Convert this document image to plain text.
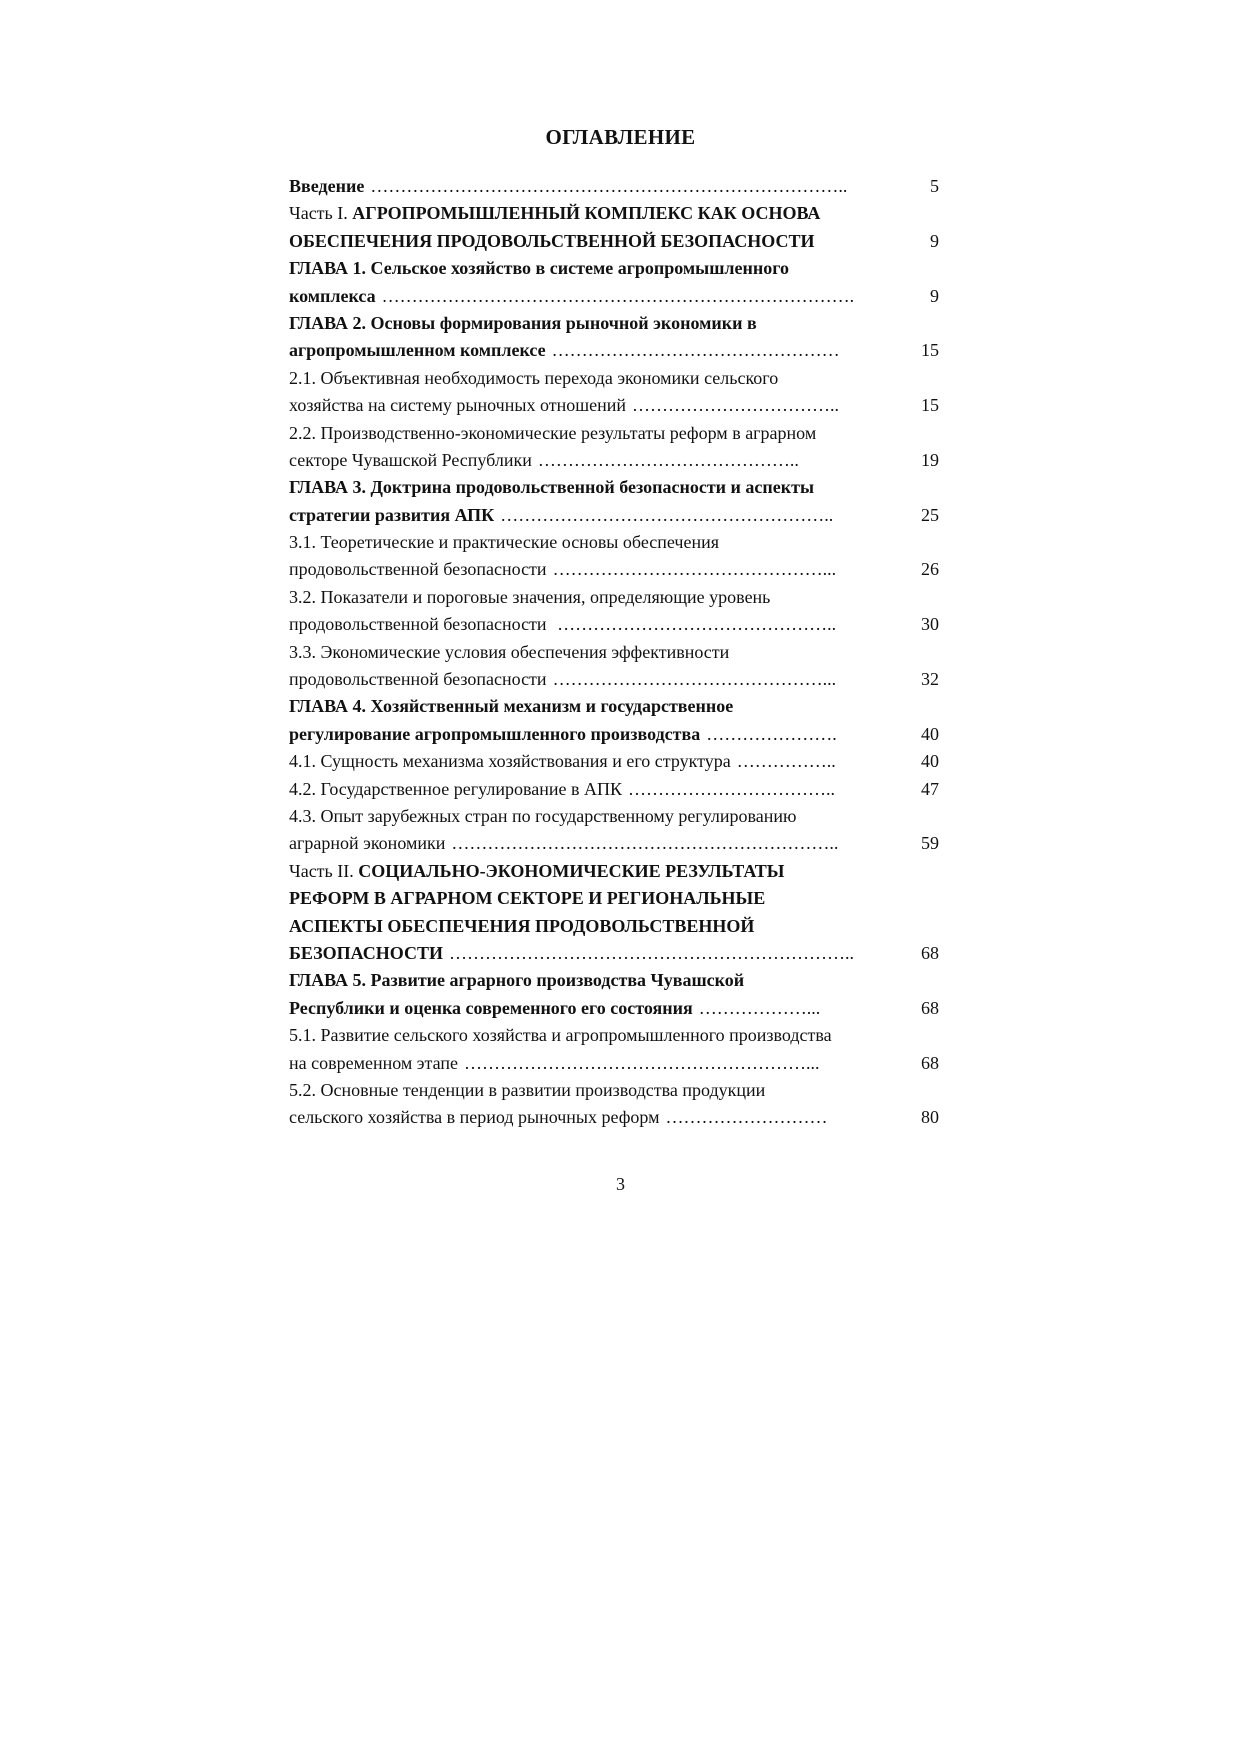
ОГЛАВЛЕНИЕ
Введение ……………………………………………………………………..	5
Часть I. АГРОПРОМЫШЛЕННЫЙ КОМПЛЕКС КАК ОСНОВА
ОБЕСПЕЧЕНИЯ ПРОДОВОЛЬСТВЕННОЙ БЕЗОПАСНОСТИ	9
ГЛАВА 1. Сельское хозяйство в системе агропромышленного
комплекса …………………………………………………………………….	9
ГЛАВА 2. Основы формирования рыночной экономики в
агропромышленном комплексе …………………………………………	15
2.1. Объективная необходимость перехода экономики сельского
хозяйства на систему рыночных отношений ……………………………..	15
2.2. Производственно-экономические результаты реформ в аграрном
секторе Чувашской Республики ……………………………………..	19
ГЛАВА 3. Доктрина продовольственной безопасности и аспекты
стратегии развития АПК ………………………………………………..	25
3.1. Теоретические и практические основы обеспечения
продовольственной безопасности ………………………………………...	26
3.2. Показатели и пороговые значения, определяющие уровень
продовольственной безопасности ………………………………………..	30
3.3. Экономические условия обеспечения эффективности
продовольственной безопасности ………………………………………...	32
ГЛАВА 4. Хозяйственный механизм и государственное
регулирование агропромышленного производства ………………….	40
4.1. Сущность механизма хозяйствования и его структура ……………..	40
4.2. Государственное регулирование в АПК ……………………………..	47
4.3. Опыт зарубежных стран по государственному регулированию
аграрной экономики ………………………………………………………..	59
Часть II. СОЦИАЛЬНО-ЭКОНОМИЧЕСКИЕ РЕЗУЛЬТАТЫ
РЕФОРМ В АГРАРНОМ СЕКТОРЕ И РЕГИОНАЛЬНЫЕ
АСПЕКТЫ ОБЕСПЕЧЕНИЯ ПРОДОВОЛЬСТВЕННОЙ
БЕЗОПАСНОСТИ …………………………………………………………..	68
ГЛАВА 5. Развитие аграрного производства Чувашской
Республики и оценка современного его состояния ………………...	68
5.1. Развитие сельского хозяйства и агропромышленного производства
на современном этапе …………………………………………………...	68
5.2. Основные тенденции в развитии производства продукции
сельского хозяйства в период рыночных реформ ………………………	80
3
